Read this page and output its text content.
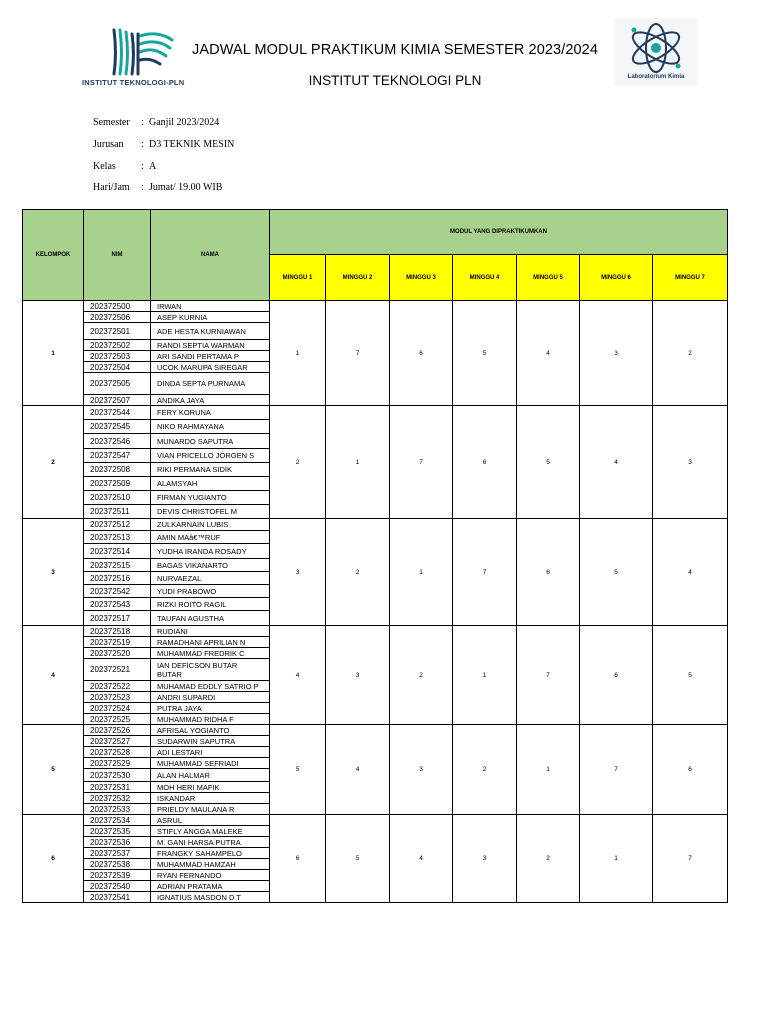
INSTITUT TEKNOLOGI-PLN
Laboratorium Kimia
JADWAL MODUL PRAKTIKUM KIMIA SEMESTER 2023/2024
INSTITUT TEKNOLOGI PLN
Semester : Ganjil 2023/2024
Jurusan : D3 TEKNIK MESIN
Kelas	: A
Hari/Jam : Jumat/ 19.00 WIB
KELOMPOK	NIM	NAMA	MODUL YANG DIPRAKTIKUMKAN						
			MINGGU 1	MINGGU 2	MINGGU 3	MINGGU 4	MINGGU 5	MINGGU 6	MINGGU 7
1	202372500	IRWAN	1	7	6	5	4	3	2
	202372506	ASEP KURNIA							
	202372501	ADE HESTA KURNIAWAN							
	202372502	RANDI SEPTIA WARMAN							
	202372503	ARI SANDI PERTAMA P							
	202372504	UCOK MARUPA SIREGAR							
	202372505	DINDA SEPTA PURNAMA							
	202372507	ANDIKA JAYA							
2	202372544	FERY KORUNA	2	1	7	6	5	4	3
	202372545	NIKO RAHMAYANA							
	202372546	MUNARDO SAPUTRA							
	202372547	VIAN PRICELLO JORGEN S							
	202372508	RIKI PERMANA SIDIK							
	202372509	ALAMSYAH							
	202372510	FIRMAN YUGIANTO							
	202372511	DEVIS CHRISTOFEL M							
3	202372512	ZULKARNAIN LUBIS	3	2	1	7	6	5	4
	202372513	AMIN MAâ€™RUF							
	202372514	YUDHA IRANDA ROSADY							
	202372515	BAGAS VIKANARTO							
	202372516	NURVAEZAL							
	202372542	YUDI PRABOWO							
	202372543	RIZKI ROITO RAGIL							
	202372517	TAUFAN AGUSTHA							
4	202372518	RUDIANI	4	3	2	1	7	6	5
	202372519	RAMADHANI APRILIAN N							
	202372520	MUHAMMAD FREDRIK C							
	202372521	IAN DEFICSON BUTAR
BUTAR							

	202372522	MUHAMAD EDDLY SATRIO P							
	202372523	ANDRI SUPARDI							
	202372524	PUTRA JAYA							
	202372525	MUHAMMAD RIDHA F							
5	202372526	AFRISAL YOGIANTO	5	4	3	2	1	7	6
	202372527	SUDARWIN SAPUTRA							
	202372528	ADI LESTARI							
	202372529	MUHAMMAD SEFRIADI							
	202372530	ALAN HALMAR							
	202372531	MOH HERI MAFIK							
	202372532	ISKANDAR							
	202372533	PRIELDY MAULANA R							
6	202372534	ASRUL	6	5	4	3	2	1	7
	202372535	STIFLY ANGGA MALEKE							
	202372536	M. GANI HARSA PUTRA							
	202372537	FRANGKY SAHAMPELO							
	202372538	MUHAMMAD HAMZAH							
	202372539	RYAN FERNANDO							
	202372540	ADRIAN PRATAMA							
	202372541	IGNATIUS MASDON D T							
